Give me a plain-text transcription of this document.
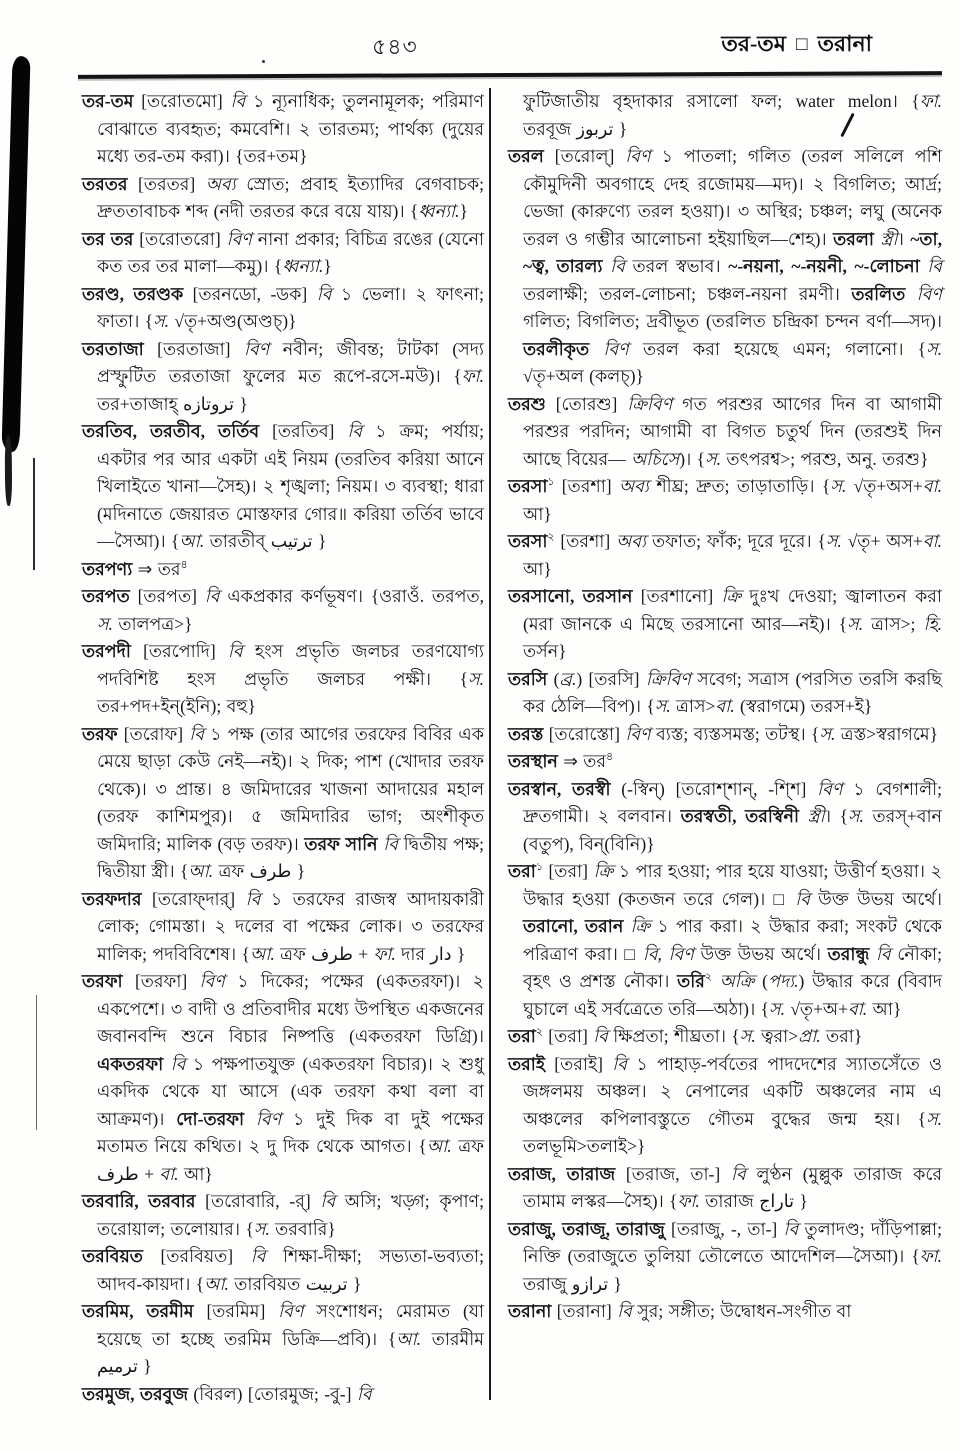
৫৪৩	তর-তম □ তরানা
তর-তম [তরোতমো] বি ১ ন্যূনাধিক; তুলনামূলক; পরিমাণ বোঝাতে ব্যবহৃত; কমবেশি। ২ তারতম্য; পার্থক্য (দুয়ের মধ্যে তর-তম করা)। {তর+তম}
তরতর [তরতর] অব্য স্রোত; প্রবাহ ইত্যাদির বেগবাচক; দ্রুততাবাচক শব্দ (নদী তরতর করে বয়ে যায়)। {ধ্বন্যা.}
তর তর [তরোতরো] বিণ নানা প্রকার; বিচিত্র রঙের (যেনো কত তর তর মালা—কমু)। {ধ্বন্যা.}
তরণ্ড, তরণ্ডক [তরনডো, -ডক] বি ১ ভেলা। ২ ফাৎনা; ফাতা। {স. √তৃ+অণ্ড(অণ্ডচ্)}
তরতাজা [তরতাজা] বিণ নবীন; জীবন্ত; টাটকা (সদ্য প্রস্ফুটিত তরতাজা ফুলের মত রূপে-রসে-মউ)। {ফা. তর+তাজাহ্ تروتازه }
তরতিব, তরতীব, তর্তিব [তরতিব] বি ১ ক্রম; পর্যায়; একটার পর আর একটা এই নিয়ম (তরতিব করিয়া আনে খিলাইতে খানা—সৈহ)। ২ শৃঙ্খলা; নিয়ম। ৩ ব্যবস্থা; ধারা (মদিনাতে জেয়ারত মোস্তফার গোর॥ করিয়া তর্তিব ভাবে—সৈআ)। {আ. তারতীব্ ترتيب }
তরপণ্য ⇒ তর$^৪$
তরপত [তরপত] বি একপ্রকার কর্ণভূষণ। {ওরাওঁ. তরপত, স. তালপত্র>}
তরপদী [তরপোদি] বি হংস প্রভৃতি জলচর তরণযোগ্য পদবিশিষ্ট হংস প্রভৃতি জলচর পক্ষী। {স. তর+পদ+ইন্(ইনি); বহু}
তরফ [তরোফ] বি ১ পক্ষ (তার আগের তরফের বিবির এক মেয়ে ছাড়া কেউ নেই—নই)। ২ দিক; পাশ (খোদার তরফ থেকে)। ৩ প্রান্ত। ৪ জমিদারের খাজনা আদায়ের মহাল (তরফ কাশিমপুর)। ৫ জমিদারির ভাগ; অংশীকৃত জমিদারি; মালিক (বড় তরফ)। তরফ সানি বি দ্বিতীয় পক্ষ; দ্বিতীয়া স্ত্রী। {আ. ত্রফ طرف }
তরফদার [তরোফ্দার্] বি ১ তরফের রাজস্ব আদায়কারী লোক; গোমস্তা। ২ দলের বা পক্ষের লোক। ৩ তরফের মালিক; পদবিবিশেষ। {আ. ত্রফ طرف + ফা. দার دار }
তরফা [তরফা] বিণ ১ দিকের; পক্ষের (একতরফা)। ২ একপেশে। ৩ বাদী ও প্রতিবাদীর মধ্যে উপস্থিত একজনের জবানবন্দি শুনে বিচার নিষ্পত্তি (একতরফা ডিগ্রি)। একতরফা বি ১ পক্ষপাতযুক্ত (একতরফা বিচার)। ২ শুধু একদিক থেকে যা আসে (এক তরফা কথা বলা বা আক্রমণ)। দো-তরফা বিণ ১ দুই দিক বা দুই পক্ষের মতামত নিয়ে কথিত। ২ দু দিক থেকে আগত। {আ. ত্রফ طرف + বা. আ}
তরবারি, তরবার [তরোবারি, -র্] বি অসি; খড়্গ; কৃপাণ; তরোয়াল; তলোয়ার। {স. তরবারি}
তরবিয়ত [তরবিয়ত] বি শিক্ষা-দীক্ষা; সভ্যতা-ভব্যতা; আদব-কায়দা। {আ. তারবিয়ত تربيت }
তরমিম, তরমীম [তরমিম] বিণ সংশোধন; মেরামত (যা হয়েছে তা হচ্ছে তরমিম ডিক্রি—প্রবি)। {আ. তারমীম ترميم }
তরমুজ, তরবুজ (বিরল) [তোরমুজ; -বু-] বি
ফুটিজাতীয় বৃহদাকার রসালো ফল; water melon। {ফা. তরবূজ تربوز }
তরল [তরোল্] বিণ ১ পাতলা; গলিত (তরল সলিলে পশি কৌমুদিনী অবগাহে দেহ রজোময়—মদ)। ২ বিগলিত; আর্দ্র; ভেজা (কারুণ্যে তরল হওয়া)। ৩ অস্থির; চঞ্চল; লঘু (অনেক তরল ও গম্ভীর আলোচনা হইয়াছিল—শেহ)। তরলা স্ত্রী। ~তা, ~ত্ব, তারল্য বি তরল স্বভাব। ~-নয়না, ~-নয়নী, ~-লোচনা বি তরলাক্ষী; তরল-লোচনা; চঞ্চল-নয়না রমণী। তরলিত বিণ গলিত; বিগলিত; দ্রবীভূত (তরলিত চন্দ্রিকা চন্দন বর্ণা—সদ)। তরলীকৃত বিণ তরল করা হয়েছে এমন; গলানো। {স. √তৃ+অল (কলচ্)}
তরশু [তোরশু] ক্রিবিণ গত পরশুর আগের দিন বা আগামী পরশুর পরদিন; আগামী বা বিগত চতুর্থ দিন (তরশুই দিন আছে বিয়ের— অচিসে)। {স. তৎপরশ্ব>; পরশু, অনু. তরশু}
তরসা$^১$ [তরশা] অব্য শীঘ্র; দ্রুত; তাড়াতাড়ি। {স. √তৃ+অস+বা. আ}
তরসা$^২$ [তরশা] অব্য তফাত; ফাঁক; দূরে দূরে। {স. √তৃ+ অস+বা. আ}
তরসানো, তরসান [তরশানো] ক্রি দুঃখ দেওয়া; জ্বালাতন করা (মরা জানকে এ মিছে তরসানো আর—নই)। {স. ত্রাস>; হি. তর্সন}
তরসি (ব্র.) [তরসি] ক্রিবিণ সবেগ; সত্রাস (পরসিত তরসি করছি কর ঠেলি—বিপ)। {স. ত্রাস>বা. (স্বরাগমে) তরস+ই}
তরস্ত [তরোস্তো] বিণ ব্যস্ত; ব্যস্তসমস্ত; তটস্থ। {স. ত্রস্ত>স্বরাগমে}
তরস্থান ⇒ তর$^৪$
তরস্বান, তরস্বী (-স্বিন্) [তরোশ্শান্, -শ্শি] বিণ ১ বেগশালী; দ্রুতগামী। ২ বলবান। তরস্বতী, তরস্বিনী স্ত্রী। {স. তরস্+বান (বতুপ), বিন্(বিনি)}
তরা$^১$ [তরা] ক্রি ১ পার হওয়া; পার হয়ে যাওয়া; উত্তীর্ণ হওয়া। ২ উদ্ধার হওয়া (কতজন তরে গেল)। □ বি উক্ত উভয় অর্থে। তরানো, তরান ক্রি ১ পার করা। ২ উদ্ধার করা; সংকট থেকে পরিত্রাণ করা। □ বি, বিণ উক্ত উভয় অর্থে। তরান্ধু বি নৌকা; বৃহৎ ও প্রশস্ত নৌকা। তরি$^২$ অক্রি (পদ্য.) উদ্ধার করে (বিবাদ ঘুচালে এই সর্বত্রেতে তরি—অঠা)। {স. √তৃ+অ+বা. আ}
তরা$^২$ [তরা] বি ক্ষিপ্রতা; শীঘ্রতা। {স. ত্বরা>প্রা. তরা}
তরাই [তরাই] বি ১ পাহাড়-পর্বতের পাদদেশের স্যাতসেঁতে ও জঙ্গলময় অঞ্চল। ২ নেপালের একটি অঞ্চলের নাম এ অঞ্চলের কপিলাবস্তুতে গৌতম বুদ্ধের জন্ম হয়। {স. তলভূমি>তলাই>}
তরাজ, তারাজ [তরাজ, তা-] বি লুণ্ঠন (মুল্লুক তারাজ করে তামাম লস্কর—সৈহ)। {ফা. তারাজ تاراج }
তরাজু, তরাজূ, তারাজু [তরাজু, -, তা-] বি তুলাদণ্ড; দাঁড়িপাল্লা; নিক্তি (তরাজুতে তুলিয়া তৌলেতে আদেশিল—সৈআ)। {ফা. তরাজু ترازو }
তরানা [তরানা] বি সুর; সঙ্গীত; উদ্বোধন-সংগীত বা
